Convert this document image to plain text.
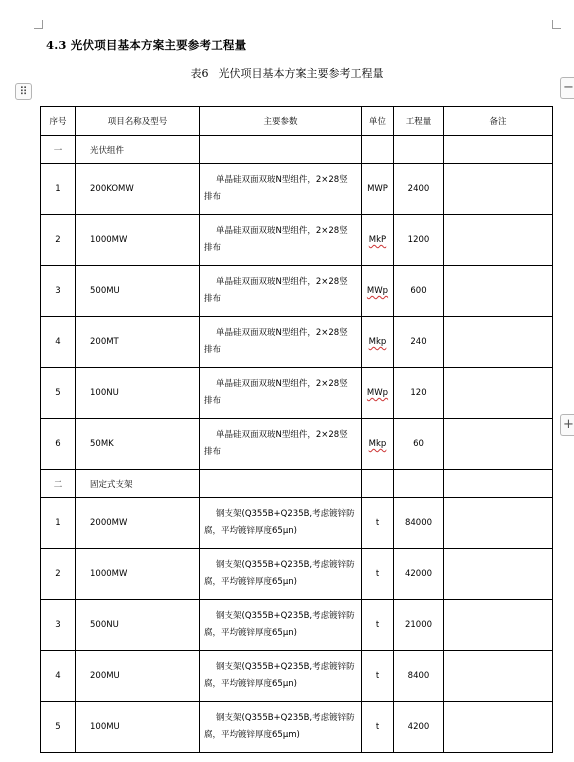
4.3 光伏项目基本方案主要参考工程量
表6 光伏项目基本方案主要参考工程量
⠿	−
+
序号	项目名称及型号	主要参数	单位	工程量	备注
一	光伏组件				
1	200KOMW	单晶硅双面双玻N型组件，2×28竖排布	MWP	2400	
2	1000MW	单晶硅双面双玻N型组件，2×28竖排布	MkP	1200	
3	500MU	单晶硅双面双玻N型组件，2×28竖排布	MWp	600	
4	200MT	单晶硅双面双玻N型组件，2×28竖排布	Mkp	240	
5	100NU	单晶硅双面双玻N型组件，2×28竖排布	MWp	120	
6	50MK	单晶硅双面双玻N型组件，2×28竖排布	Mkp	60	
二	固定式支架				
1	2000MW	钢支架(Q355B+Q235B,考虑镀锌防腐，平均镀锌厚度65μn)	t	84000	
2	1000MW	钢支架(Q355B+Q235B,考虑镀锌防腐，平均镀锌厚度65μn)	t	42000	
3	500NU	钢支架(Q355B+Q235B,考虑镀锌防腐，平均镀锌厚度65μn)	t	21000	
4	200MU	钢支架(Q355B+Q235B,考虑镀锌防腐，平均镀锌厚度65μn)	t	8400	
5	100MU	钢支架(Q355B+Q235B,考虑镀锌防腐，平均镀锌厚度65μm)	t	4200	
